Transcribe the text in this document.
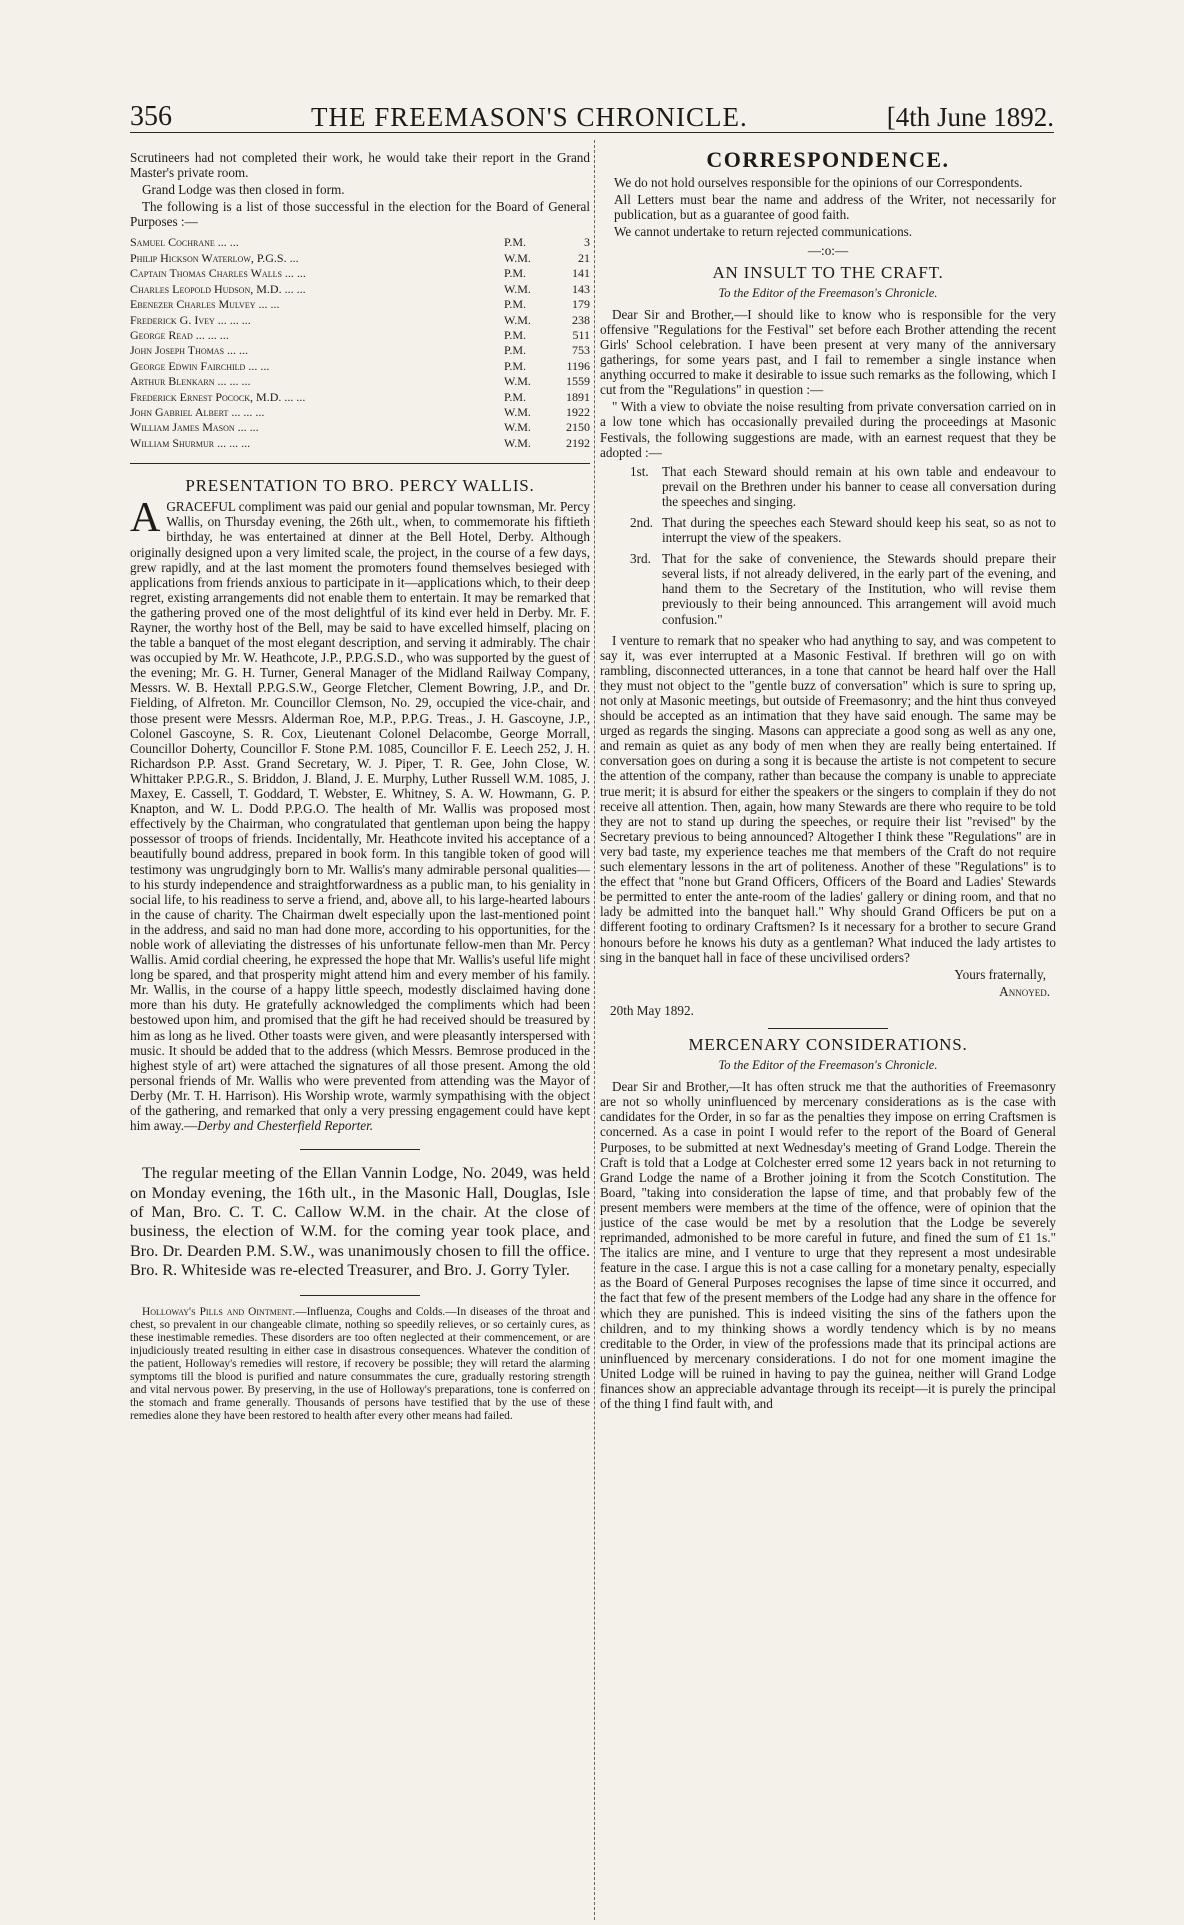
356	THE FREEMASON'S CHRONICLE.	[4th June 1892.

Scrutineers had not completed their work, he would take their report in the Grand Master's private room.

Grand Lodge was then closed in form.

The following is a list of those successful in the election for the Board of General Purposes :—

Samuel Cochrane ... ...	P.M.	3
Philip Hickson Waterlow, P.G.S. ...	W.M.	21
Captain Thomas Charles Walls ... ...	P.M.	141
Charles Leopold Hudson, M.D. ... ...	W.M.	143
Ebenezer Charles Mulvey ... ...	P.M.	179
Frederick G. Ivey ... ... ...	W.M.	238
George Read ... ... ...	P.M.	511
John Joseph Thomas ... ...	P.M.	753
George Edwin Fairchild ... ...	P.M.	1196
Arthur Blenkarn ... ... ...	W.M.	1559
Frederick Ernest Pocock, M.D. ... ...	P.M.	1891
John Gabriel Albert ... ... ...	W.M.	1922
William James Mason ... ...	W.M.	2150
William Shurmur ... ... ...	W.M.	2192
PRESENTATION TO BRO. PERCY WALLIS.

AGRACEFUL compliment was paid our genial and popular townsman, Mr. Percy Wallis, on Thursday evening, the 26th ult., when, to commemorate his fiftieth birthday, he was entertained at dinner at the Bell Hotel, Derby. Although originally designed upon a very limited scale, the project, in the course of a few days, grew rapidly, and at the last moment the promoters found themselves besieged with applications from friends anxious to participate in it—applications which, to their deep regret, existing arrangements did not enable them to entertain. It may be remarked that the gathering proved one of the most delightful of its kind ever held in Derby. Mr. F. Rayner, the worthy host of the Bell, may be said to have excelled himself, placing on the table a banquet of the most elegant description, and serving it admirably. The chair was occupied by Mr. W. Heathcote, J.P., P.P.G.S.D., who was supported by the guest of the evening; Mr. G. H. Turner, General Manager of the Midland Railway Company, Messrs. W. B. Hextall P.P.G.S.W., George Fletcher, Clement Bowring, J.P., and Dr. Fielding, of Alfreton. Mr. Councillor Clemson, No. 29, occupied the vice-chair, and those present were Messrs. Alderman Roe, M.P., P.P.G. Treas., J. H. Gascoyne, J.P., Colonel Gascoyne, S. R. Cox, Lieutenant Colonel Delacombe, George Morrall, Councillor Doherty, Councillor F. Stone P.M. 1085, Councillor F. E. Leech 252, J. H. Richardson P.P. Asst. Grand Secretary, W. J. Piper, T. R. Gee, John Close, W. Whittaker P.P.G.R., S. Briddon, J. Bland, J. E. Murphy, Luther Russell W.M. 1085, J. Maxey, E. Cassell, T. Goddard, T. Webster, E. Whitney, S. A. W. Howmann, G. P. Knapton, and W. L. Dodd P.P.G.O. The health of Mr. Wallis was proposed most effectively by the Chairman, who congratulated that gentleman upon being the happy possessor of troops of friends. Incidentally, Mr. Heathcote invited his acceptance of a beautifully bound address, prepared in book form. In this tangible token of good will testimony was ungrudgingly born to Mr. Wallis's many admirable personal qualities—to his sturdy independence and straightforwardness as a public man, to his geniality in social life, to his readiness to serve a friend, and, above all, to his large-hearted labours in the cause of charity. The Chairman dwelt especially upon the last-mentioned point in the address, and said no man had done more, according to his opportunities, for the noble work of alleviating the distresses of his unfortunate fellow-men than Mr. Percy Wallis. Amid cordial cheering, he expressed the hope that Mr. Wallis's useful life might long be spared, and that prosperity might attend him and every member of his family. Mr. Wallis, in the course of a happy little speech, modestly disclaimed having done more than his duty. He gratefully acknowledged the compliments which had been bestowed upon him, and promised that the gift he had received should be treasured by him as long as he lived. Other toasts were given, and were pleasantly interspersed with music. It should be added that to the address (which Messrs. Bemrose produced in the highest style of art) were attached the signatures of all those present. Among the old personal friends of Mr. Wallis who were prevented from attending was the Mayor of Derby (Mr. T. H. Harrison). His Worship wrote, warmly sympathising with the object of the gathering, and remarked that only a very pressing engagement could have kept him away.—Derby and Chesterfield Reporter.

The regular meeting of the Ellan Vannin Lodge, No. 2049, was held on Monday evening, the 16th ult., in the Masonic Hall, Douglas, Isle of Man, Bro. C. T. C. Callow W.M. in the chair. At the close of business, the election of W.M. for the coming year took place, and Bro. Dr. Dearden P.M. S.W., was unanimously chosen to fill the office. Bro. R. Whiteside was re-elected Treasurer, and Bro. J. Gorry Tyler.

Holloway's Pills and Ointment.—Influenza, Coughs and Colds.—In diseases of the throat and chest, so prevalent in our changeable climate, nothing so speedily relieves, or so certainly cures, as these inestimable remedies. These disorders are too often neglected at their commencement, or are injudiciously treated resulting in either case in disastrous consequences. Whatever the condition of the patient, Holloway's remedies will restore, if recovery be possible; they will retard the alarming symptoms till the blood is purified and nature consummates the cure, gradually restoring strength and vital nervous power. By preserving, in the use of Holloway's preparations, tone is conferred on the stomach and frame generally. Thousands of persons have testified that by the use of these remedies alone they have been restored to health after every other means had failed.

CORRESPONDENCE.

We do not hold ourselves responsible for the opinions of our Correspondents.

All Letters must bear the name and address of the Writer, not necessarily for publication, but as a guarantee of good faith.

We cannot undertake to return rejected communications.

—:o:—
AN INSULT TO THE CRAFT.
To the Editor of the Freemason's Chronicle.

Dear Sir and Brother,—I should like to know who is responsible for the very offensive "Regulations for the Festival" set before each Brother attending the recent Girls' School celebration. I have been present at very many of the anniversary gatherings, for some years past, and I fail to remember a single instance when anything occurred to make it desirable to issue such remarks as the following, which I cut from the "Regulations" in question :—

" With a view to obviate the noise resulting from private conversation carried on in a low tone which has occasionally prevailed during the proceedings at Masonic Festivals, the following suggestions are made, with an earnest request that they be adopted :—

1st.	That each Steward should remain at his own table and endeavour to prevail on the Brethren under his banner to cease all conversation during the speeches and singing.
2nd. That during the speeches each Steward should keep his seat, so as not to interrupt the view of the speakers.
3rd. That for the sake of convenience, the Stewards should prepare their several lists, if not already delivered, in the early part of the evening, and hand them to the Secretary of the Institution, who will revise them previously to their being announced. This arrangement will avoid much confusion."

I venture to remark that no speaker who had anything to say, and was competent to say it, was ever interrupted at a Masonic Festival. If brethren will go on with rambling, disconnected utterances, in a tone that cannot be heard half over the Hall they must not object to the "gentle buzz of conversation" which is sure to spring up, not only at Masonic meetings, but outside of Freemasonry; and the hint thus conveyed should be accepted as an intimation that they have said enough. The same may be urged as regards the singing. Masons can appreciate a good song as well as any one, and remain as quiet as any body of men when they are really being entertained. If conversation goes on during a song it is because the artiste is not competent to secure the attention of the company, rather than because the company is unable to appreciate true merit; it is absurd for either the speakers or the singers to complain if they do not receive all attention. Then, again, how many Stewards are there who require to be told they are not to stand up during the speeches, or require their list "revised" by the Secretary previous to being announced? Altogether I think these "Regulations" are in very bad taste, my experience teaches me that members of the Craft do not require such elementary lessons in the art of politeness. Another of these "Regulations" is to the effect that "none but Grand Officers, Officers of the Board and Ladies' Stewards be permitted to enter the ante-room of the ladies' gallery or dining room, and that no lady be admitted into the banquet hall." Why should Grand Officers be put on a different footing to ordinary Craftsmen? Is it necessary for a brother to secure Grand honours before he knows his duty as a gentleman? What induced the lady artistes to sing in the banquet hall in face of these uncivilised orders?

Yours fraternally,

Annoyed.

20th May 1892.

MERCENARY CONSIDERATIONS.
To the Editor of the Freemason's Chronicle.

Dear Sir and Brother,—It has often struck me that the authorities of Freemasonry are not so wholly uninfluenced by mercenary considerations as is the case with candidates for the Order, in so far as the penalties they impose on erring Craftsmen is concerned. As a case in point I would refer to the report of the Board of General Purposes, to be submitted at next Wednesday's meeting of Grand Lodge. Therein the Craft is told that a Lodge at Colchester erred some 12 years back in not returning to Grand Lodge the name of a Brother joining it from the Scotch Constitution. The Board, "taking into consideration the lapse of time, and that probably few of the present members were members at the time of the offence, were of opinion that the justice of the case would be met by a resolution that the Lodge be severely reprimanded, admonished to be more careful in future, and fined the sum of £1 1s." The italics are mine, and I venture to urge that they represent a most undesirable feature in the case. I argue this is not a case calling for a monetary penalty, especially as the Board of General Purposes recognises the lapse of time since it occurred, and the fact that few of the present members of the Lodge had any share in the offence for which they are punished. This is indeed visiting the sins of the fathers upon the children, and to my thinking shows a wordly tendency which is by no means creditable to the Order, in view of the professions made that its principal actions are uninfluenced by mercenary considerations. I do not for one moment imagine the United Lodge will be ruined in having to pay the guinea, neither will Grand Lodge finances show an appreciable advantage through its receipt—it is purely the principal of the thing I find fault with, and
